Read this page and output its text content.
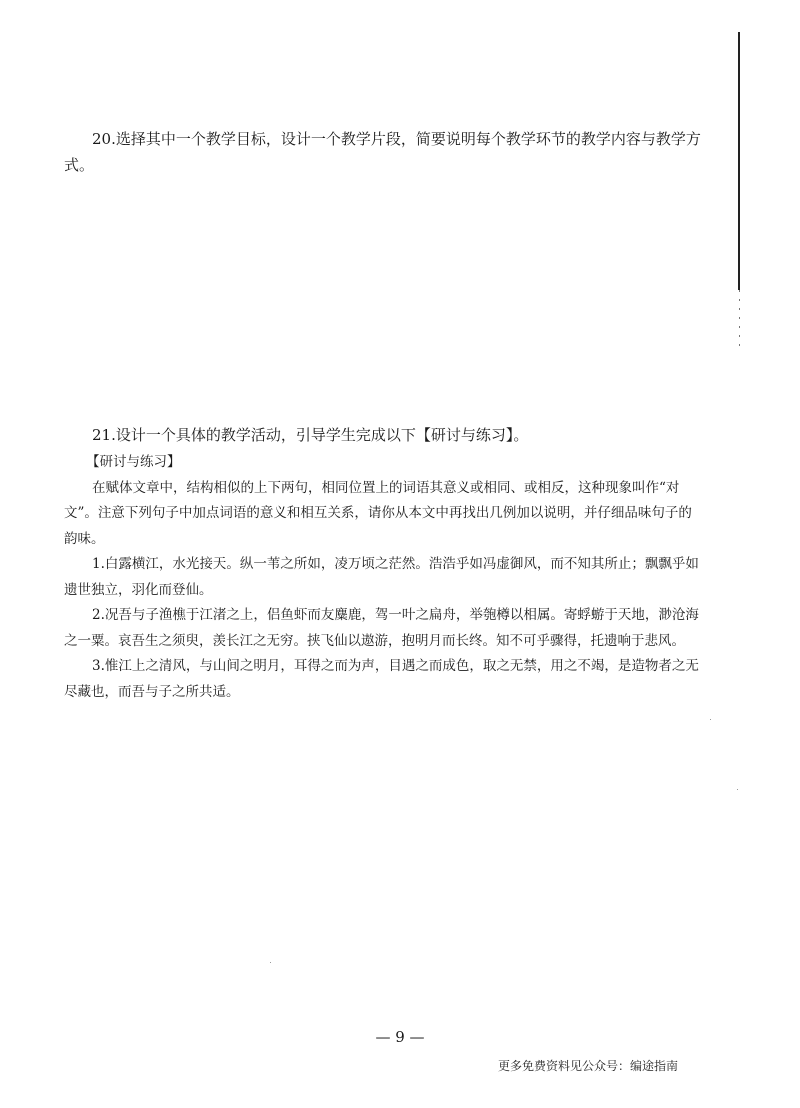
20.选择其中一个教学目标，设计一个教学片段，简要说明每个教学环节的教学内容与教学方式。
21.设计一个具体的教学活动，引导学生完成以下【研讨与练习】。
【研讨与练习】

在赋体文章中，结构相似的上下两句，相同位置上的词语其意义或相同、或相反，这种现象叫作“对文”。注意下列句子中加点词语的意义和相互关系，请你从本文中再找出几例加以说明，并仔细品味句子的韵味。

1.白露横江，水光接天。纵一苇之所如，凌万顷之茫然。浩浩乎如冯虚御风，而不知其所止；飘飘乎如遗世独立，羽化而登仙。

2.况吾与子渔樵于江渚之上，侣鱼虾而友麋鹿，驾一叶之扁舟，举匏樽以相属。寄蜉蝣于天地，渺沧海之一粟。哀吾生之须臾，羡长江之无穷。挟飞仙以遨游，抱明月而长终。知不可乎骤得，托遗响于悲风。

3.惟江上之清风，与山间之明月，耳得之而为声，目遇之而成色，取之无禁，用之不竭，是造物者之无尽藏也，而吾与子之所共适。

— 9 —
更多免费资料见公众号：编途指南
